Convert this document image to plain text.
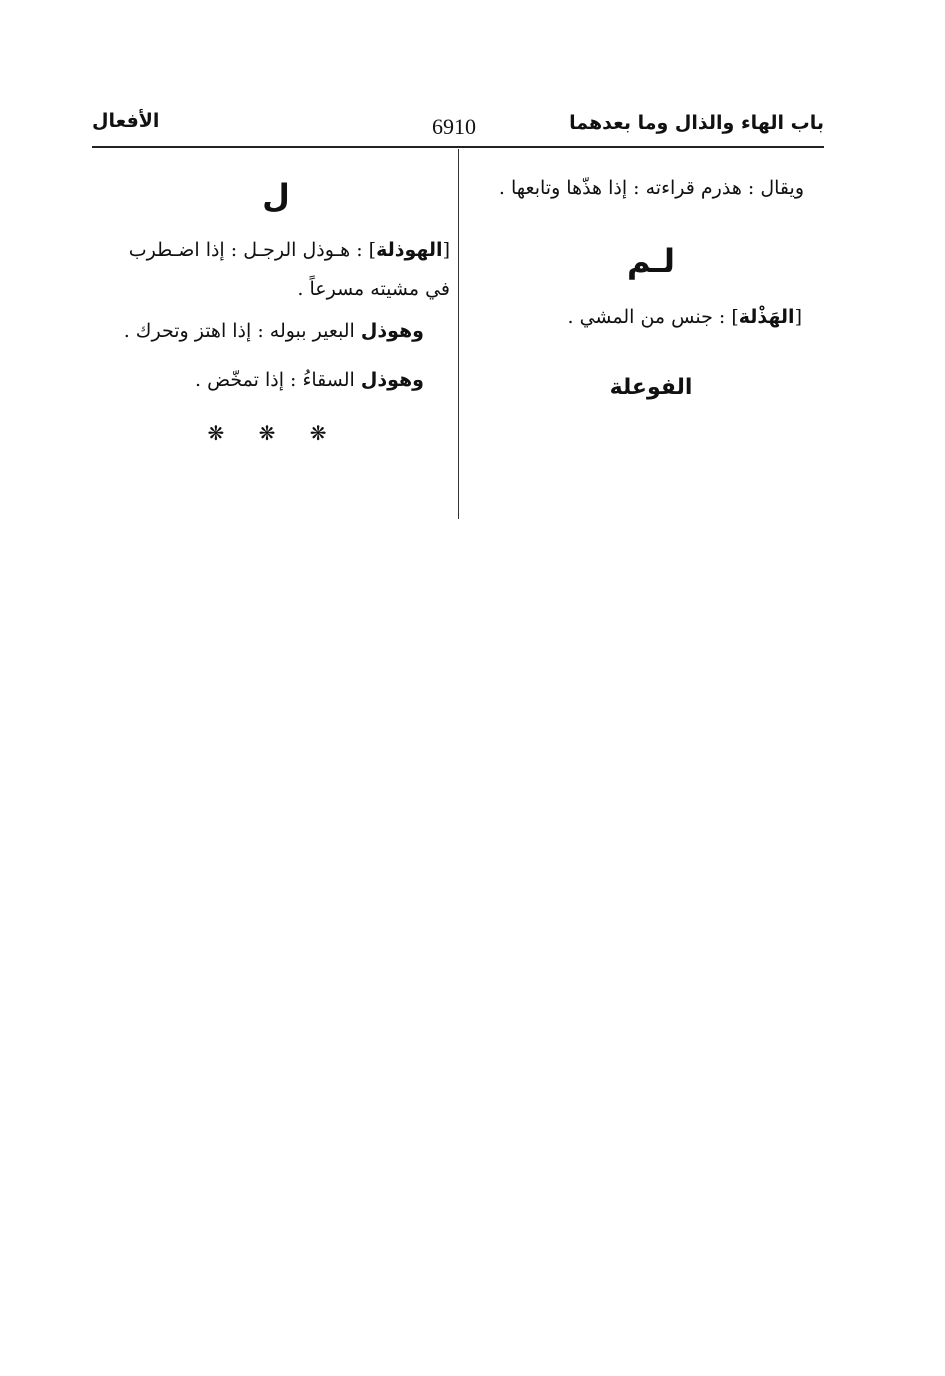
باب الهاء والذال وما بعدهما
6910
الأفعال

ويقال : هذرم قراءته : إذا هذّها وتابعها .

لـم

[الهَذْلة] : جنس من المشي .

الفوعلة

ل

[الهوذلة] : هـوذل الرجـل : إذا اضـطرب

في مشيته مسرعاً .

وهوذل البعير ببوله : إذا اهتز وتحرك .

وهوذل السقاءُ : إذا تمخّض .

❋ ❋ ❋
